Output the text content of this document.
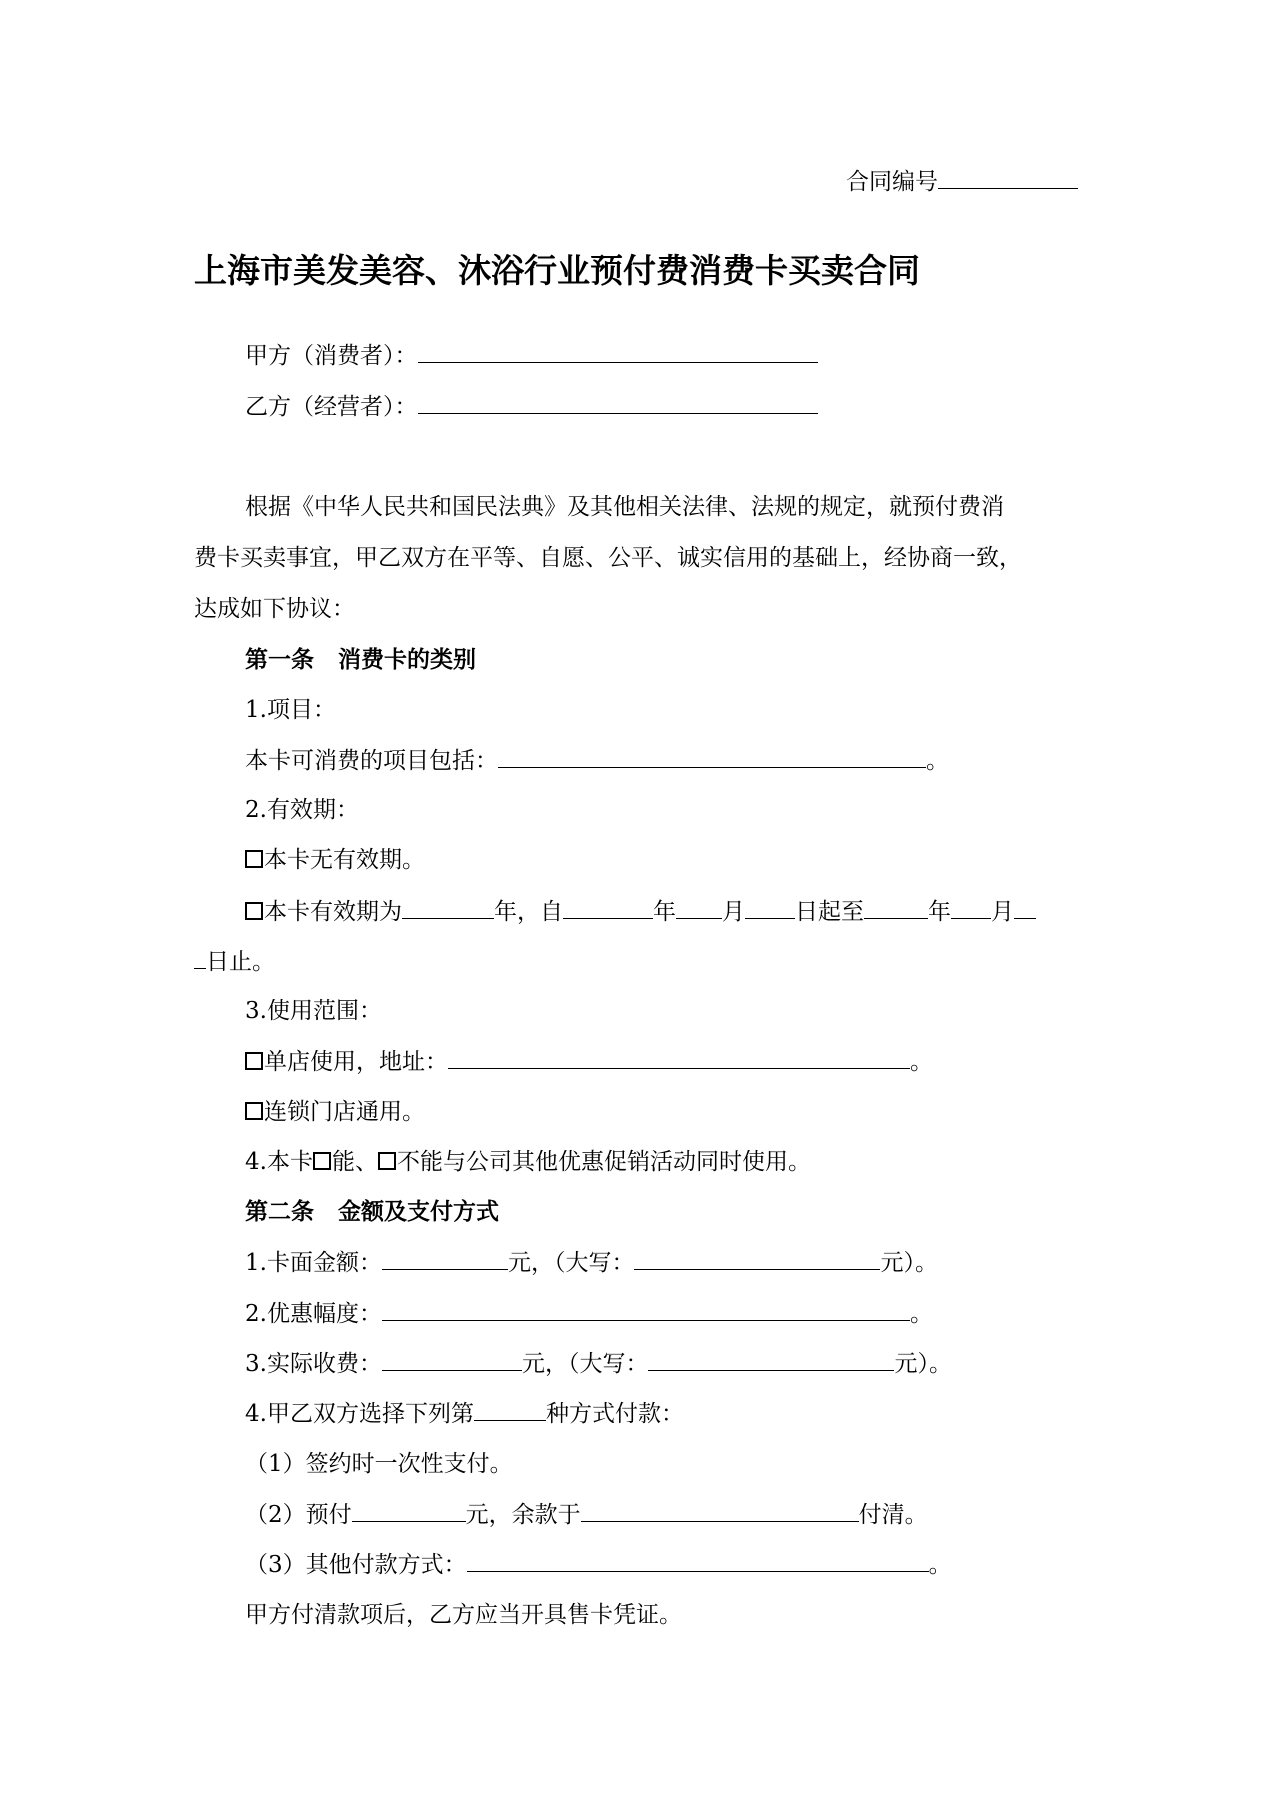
合同编号
上海市美发美容、沐浴行业预付费消费卡买卖合同
甲方（消费者）：
乙方（经营者）：
根据《中华人民共和国民法典》及其他相关法律、法规的规定，就预付费消
费卡买卖事宜，甲乙双方在平等、自愿、公平、诚实信用的基础上，经协商一致，
达成如下协议：
第一条 消费卡的类别
1.项目：
本卡可消费的项目包括：	。
2.有效期：
本卡无有效期。
本卡有效期为	年，自	年 月 日起至	年 月
日止。
3.使用范围：
单店使用，地址：	。
连锁门店通用。
4.本卡 能、 不能与公司其他优惠促销活动同时使用。
第二条 金额及支付方式
1.卡面金额：	元，（大写：	元）。
2.优惠幅度：	。
3.实际收费：	元，（大写：	元）。
4.甲乙双方选择下列第	种方式付款：
（1）签约时一次性支付。
（2）预付	元，余款于	付清。
（3）其他付款方式：	。
甲方付清款项后，乙方应当开具售卡凭证。
